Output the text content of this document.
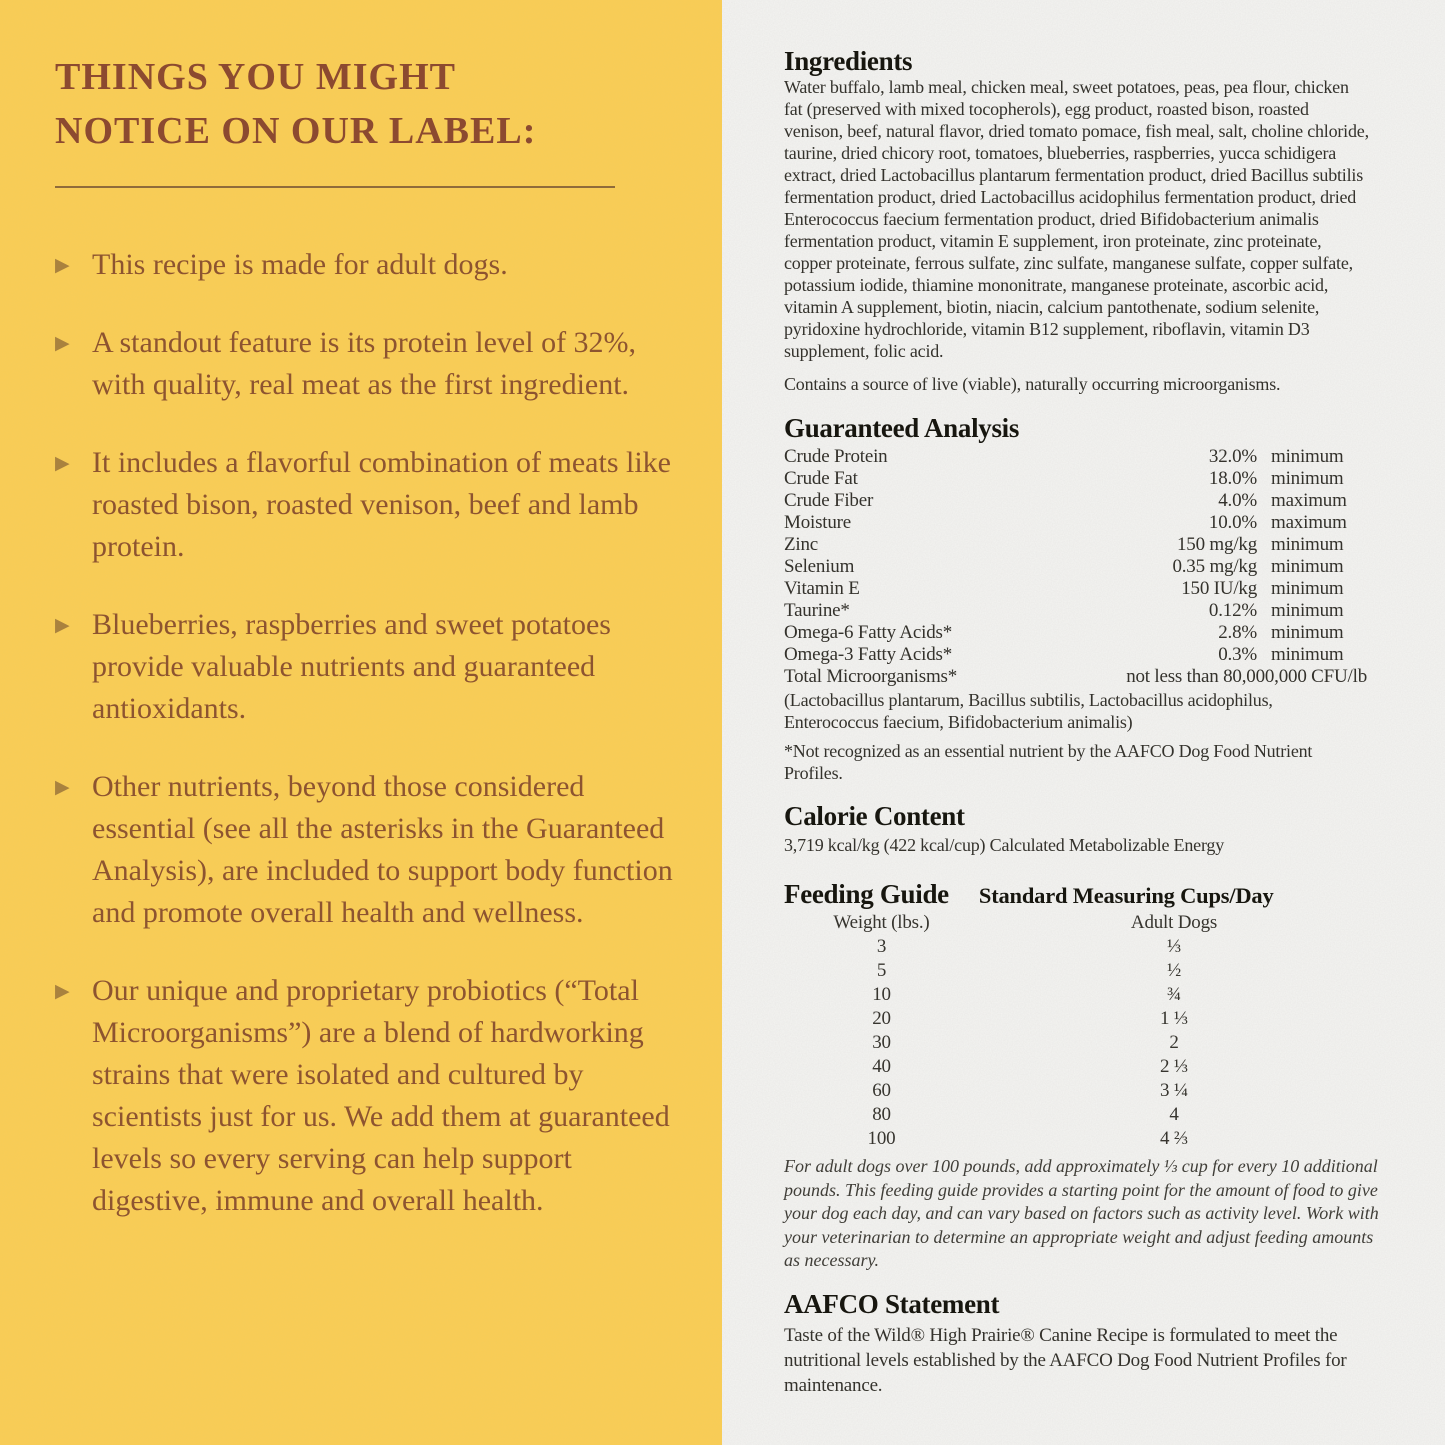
THINGS YOU MIGHT
NOTICE ON OUR LABEL:
▶ This recipe is made for adult dogs.
▶ A standout feature is its protein level of 32%, with quality, real meat as the first ingredient.
▶ It includes a flavorful combination of meats like roasted bison, roasted venison, beef and lamb protein.
▶ Blueberries, raspberries and sweet potatoes provide valuable nutrients and guaranteed antioxidants.
▶ Other nutrients, beyond those considered essential (see all the asterisks in the Guaranteed Analysis), are included to support body function and promote overall health and wellness.
▶ Our unique and proprietary probiotics (“Total Microorganisms”) are a blend of hardworking strains that were isolated and cultured by scientists just for us. We add them at guaranteed levels so every serving can help support digestive, immune and overall health.
Ingredients

Water buffalo, lamb meal, chicken meal, sweet potatoes, peas, pea flour, chicken fat (preserved with mixed tocopherols), egg product, roasted bison, roasted venison, beef, natural flavor, dried tomato pomace, fish meal, salt, choline chloride, taurine, dried chicory root, tomatoes, blueberries, raspberries, yucca schidigera extract, dried Lactobacillus plantarum fermentation product, dried Bacillus subtilis fermentation product, dried Lactobacillus acidophilus fermentation product, dried Enterococcus faecium fermentation product, dried Bifidobacterium animalis fermentation product, vitamin E supplement, iron proteinate, zinc proteinate, copper proteinate, ferrous sulfate, zinc sulfate, manganese sulfate, copper sulfate, potassium iodide, thiamine mononitrate, manganese proteinate, ascorbic acid, vitamin A supplement, biotin, niacin, calcium pantothenate, sodium selenite, pyridoxine hydrochloride, vitamin B12 supplement, riboflavin, vitamin D3 supplement, folic acid.

Contains a source of live (viable), naturally occurring microorganisms.

Guaranteed Analysis
Crude Protein	32.0% minimum
Crude Fat	18.0% minimum
Crude Fiber	4.0% maximum
Moisture	10.0% maximum
Zinc	150 mg/kg minimum
Selenium	0.35 mg/kg minimum
Vitamin E	150 IU/kg minimum
Taurine*	0.12% minimum
Omega-6 Fatty Acids*	2.8% minimum
Omega-3 Fatty Acids*	0.3% minimum
Total Microorganisms*	not less than 80,000,000 CFU/lb

(Lactobacillus plantarum, Bacillus subtilis, Lactobacillus acidophilus, Enterococcus faecium, Bifidobacterium animalis)

*Not recognized as an essential nutrient by the AAFCO Dog Food Nutrient Profiles.

Calorie Content

3,719 kcal/kg (422 kcal/cup) Calculated Metabolizable Energy

Feeding Guide Standard Measuring Cups/Day
Weight (lbs.)	Adult Dogs
3	⅓
5	½
10	¾
20	1 ⅓
30	2
40	2 ⅓
60	3 ¼
80	4
100	4 ⅔

For adult dogs over 100 pounds, add approximately ⅓ cup for every 10 additional pounds. This feeding guide provides a starting point for the amount of food to give your dog each day, and can vary based on factors such as activity level. Work with your veterinarian to determine an appropriate weight and adjust feeding amounts as necessary.

AAFCO Statement

Taste of the Wild® High Prairie® Canine Recipe is formulated to meet the nutritional levels established by the AAFCO Dog Food Nutrient Profiles for maintenance.
